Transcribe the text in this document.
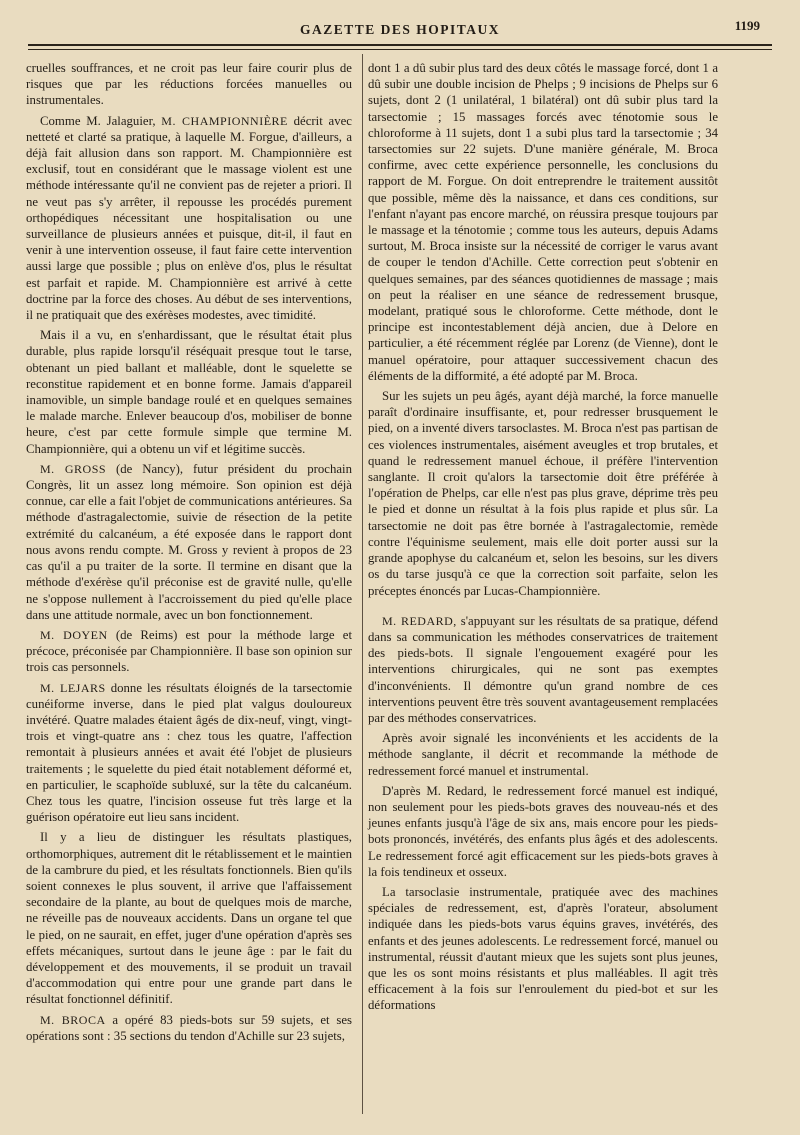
GAZETTE DES HOPITAUX	1199

cruelles souffrances, et ne croit pas leur faire courir plus de risques que par les réductions forcées manuelles ou instrumentales.

Comme M. Jalaguier, M. CHAMPIONNIÈRE décrit avec netteté et clarté sa pratique, à laquelle M. Forgue, d'ailleurs, a déjà fait allusion dans son rapport. M. Championnière est exclusif, tout en considérant que le massage violent est une méthode intéressante qu'il ne convient pas de rejeter a priori. Il ne veut pas s'y arrêter, il repousse les procédés purement orthopédiques nécessitant une hospitalisation ou une surveillance de plusieurs années et puisque, dit-il, il faut en venir à une intervention osseuse, il faut faire cette intervention aussi large que possible ; plus on enlève d'os, plus le résultat est parfait et rapide. M. Championnière est arrivé à cette doctrine par la force des choses. Au début de ses interventions, il ne pratiquait que des exérèses modestes, avec timidité.

Mais il a vu, en s'enhardissant, que le résultat était plus durable, plus rapide lorsqu'il réséquait presque tout le tarse, obtenant un pied ballant et malléable, dont le squelette se reconstitue rapidement et en bonne forme. Jamais d'appareil inamovible, un simple bandage roulé et en quelques semaines le malade marche. Enlever beaucoup d'os, mobiliser de bonne heure, c'est par cette formule simple que termine M. Championnière, qui a obtenu un vif et légitime succès.

M. GROSS (de Nancy), futur président du prochain Congrès, lit un assez long mémoire. Son opinion est déjà connue, car elle a fait l'objet de communications antérieures. Sa méthode d'astragalectomie, suivie de résection de la petite extrémité du calcanéum, a été exposée dans le rapport dont nous avons rendu compte. M. Gross y revient à propos de 23 cas qu'il a pu traiter de la sorte. Il termine en disant que la méthode d'exérèse qu'il préconise est de gravité nulle, qu'elle ne s'oppose nullement à l'accroissement du pied qu'elle place dans une attitude normale, avec un bon fonctionnement.

M. DOYEN (de Reims) est pour la méthode large et précoce, préconisée par Championnière. Il base son opinion sur trois cas personnels.

M. LEJARS donne les résultats éloignés de la tarsectomie cunéiforme inverse, dans le pied plat valgus douloureux invétéré. Quatre malades étaient âgés de dix-neuf, vingt, vingt-trois et vingt-quatre ans : chez tous les quatre, l'affection remontait à plusieurs années et avait été l'objet de plusieurs traitements ; le squelette du pied était notablement déformé et, en particulier, le scaphoïde subluxé, sur la tête du calcanéum. Chez tous les quatre, l'incision osseuse fut très large et la guérison opératoire eut lieu sans incident.

Il y a lieu de distinguer les résultats plastiques, orthomorphiques, autrement dit le rétablissement et le maintien de la cambrure du pied, et les résultats fonctionnels. Bien qu'ils soient connexes le plus souvent, il arrive que l'affaissement secondaire de la plante, au bout de quelques mois de marche, ne réveille pas de nouveaux accidents. Dans un organe tel que le pied, on ne saurait, en effet, juger d'une opération d'après ses effets mécaniques, surtout dans le jeune âge : par le fait du développement et des mouvements, il se produit un travail d'accommodation qui entre pour une grande part dans le résultat fonctionnel définitif.

M. BROCA a opéré 83 pieds-bots sur 59 sujets, et ses opérations sont : 35 sections du tendon d'Achille sur 23 sujets,

dont 1 a dû subir plus tard des deux côtés le massage forcé, dont 1 a dû subir une double incision de Phelps ; 9 incisions de Phelps sur 6 sujets, dont 2 (1 unilatéral, 1 bilatéral) ont dû subir plus tard la tarsectomie ; 15 massages forcés avec ténotomie sous le chloroforme à 11 sujets, dont 1 a subi plus tard la tarsectomie ; 34 tarsectomies sur 22 sujets. D'une manière générale, M. Broca confirme, avec cette expérience personnelle, les conclusions du rapport de M. Forgue. On doit entreprendre le traitement aussitôt que possible, même dès la naissance, et dans ces conditions, sur l'enfant n'ayant pas encore marché, on réussira presque toujours par le massage et la ténotomie ; comme tous les auteurs, depuis Adams surtout, M. Broca insiste sur la nécessité de corriger le varus avant de couper le tendon d'Achille. Cette correction peut s'obtenir en quelques semaines, par des séances quotidiennes de massage ; mais on peut la réaliser en une séance de redressement brusque, modelant, pratiqué sous le chloroforme. Cette méthode, dont le principe est incontestablement déjà ancien, due à Delore en particulier, a été récemment réglée par Lorenz (de Vienne), dont le manuel opératoire, pour attaquer successivement chacun des éléments de la difformité, a été adopté par M. Broca.

Sur les sujets un peu âgés, ayant déjà marché, la force manuelle paraît d'ordinaire insuffisante, et, pour redresser brusquement le pied, on a inventé divers tarsoclastes. M. Broca n'est pas partisan de ces violences instrumentales, aisément aveugles et trop brutales, et quand le redressement manuel échoue, il préfère l'intervention sanglante. Il croit qu'alors la tarsectomie doit être préférée à l'opération de Phelps, car elle n'est pas plus grave, déprime très peu le pied et donne un résultat à la fois plus rapide et plus sûr. La tarsectomie ne doit pas être bornée à l'astragalectomie, remède contre l'équinisme seulement, mais elle doit porter aussi sur la grande apophyse du calcanéum et, selon les besoins, sur les divers os du tarse jusqu'à ce que la correction soit parfaite, selon les préceptes énoncés par Lucas-Championnière.

M. REDARD, s'appuyant sur les résultats de sa pratique, défend dans sa communication les méthodes conservatrices de traitement des pieds-bots. Il signale l'engouement exagéré pour les interventions chirurgicales, qui ne sont pas exemptes d'inconvénients. Il démontre qu'un grand nombre de ces interventions peuvent être très souvent avantageusement remplacées par des méthodes conservatrices.

Après avoir signalé les inconvénients et les accidents de la méthode sanglante, il décrit et recommande la méthode de redressement forcé manuel et instrumental.

D'après M. Redard, le redressement forcé manuel est indiqué, non seulement pour les pieds-bots graves des nouveau-nés et des jeunes enfants jusqu'à l'âge de six ans, mais encore pour les pieds-bots prononcés, invétérés, des enfants plus âgés et des adolescents. Le redressement forcé agit efficacement sur les pieds-bots graves à la fois tendineux et osseux.

La tarsoclasie instrumentale, pratiquée avec des machines spéciales de redressement, est, d'après l'orateur, absolument indiquée dans les pieds-bots varus équins graves, invétérés, des enfants et des jeunes adolescents. Le redressement forcé, manuel ou instrumental, réussit d'autant mieux que les sujets sont plus jeunes, que les os sont moins résistants et plus malléables. Il agit très efficacement à la fois sur l'enroulement du pied-bot et sur les déformations
